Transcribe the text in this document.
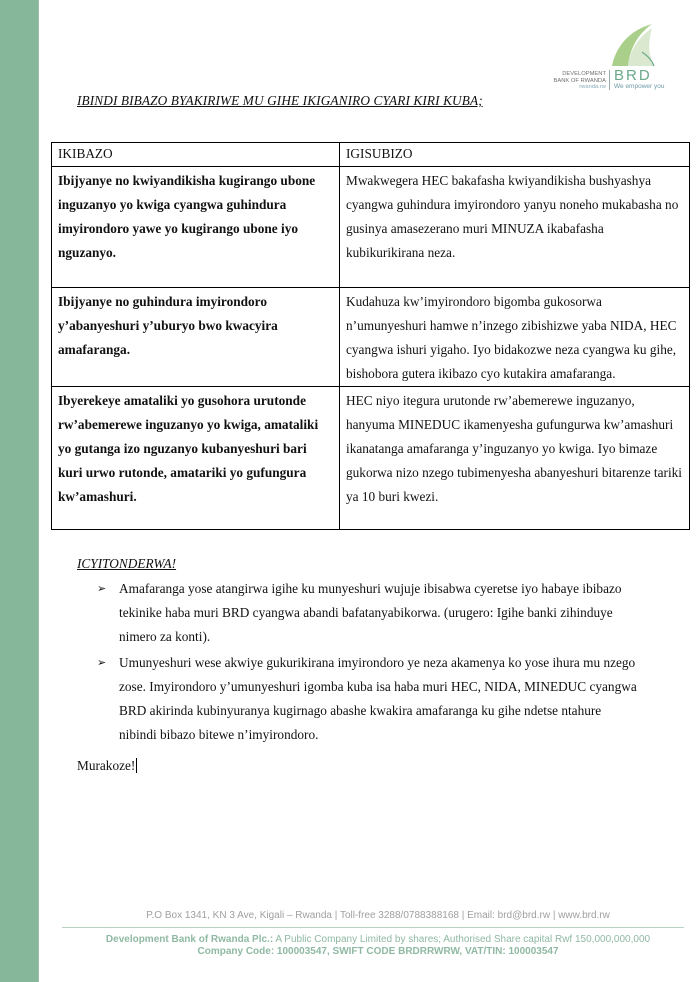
DEVELOPMENT
BANK OF RWANDA
rwanda.rw
BRD
We empower you
IBINDI BIBAZO BYAKIRIWE MU GIHE IKIGANIRO CYARI KIRI KUBA;
IKIBAZO	IGISUBIZO
Ibijyanye no kwiyandikisha kugirango ubone inguzanyo yo kwiga cyangwa guhindura imyirondoro yawe yo kugirango ubone iyo nguzanyo.	Mwakwegera HEC bakafasha kwiyandikisha bushyashya cyangwa guhindura imyirondoro yanyu noneho mukabasha no gusinya amasezerano muri MINUZA ikabafasha kubikurikirana neza.
Ibijyanye no guhindura imyirondoro y’abanyeshuri y’uburyo bwo kwacyira amafaranga.	Kudahuza kw’imyirondoro bigomba gukosorwa n’umunyeshuri hamwe n’inzego zibishizwe yaba NIDA, HEC cyangwa ishuri yigaho. Iyo bidakozwe neza cyangwa ku gihe, bishobora gutera ikibazo cyo kutakira amafaranga.
Ibyerekeye amataliki yo gusohora urutonde rw’abemerewe inguzanyo yo kwiga, amataliki yo gutanga izo nguzanyo kubanyeshuri bari kuri urwo rutonde, amatariki yo gufungura kw’amashuri.	HEC niyo itegura urutonde rw’abemerewe inguzanyo, hanyuma MINEDUC ikamenyesha gufungurwa kw’amashuri ikanatanga amafaranga y’inguzanyo yo kwiga. Iyo bimaze gukorwa nizo nzego tubimenyesha abanyeshuri bitarenze tariki ya 10 buri kwezi.
ICYITONDERWA!
➢ Amafaranga yose atangirwa igihe ku munyeshuri wujuje ibisabwa cyeretse iyo habaye ibibazo tekinike haba muri BRD cyangwa abandi bafatanyabikorwa. (urugero: Igihe banki zihinduye nimero za konti).
➢ Umunyeshuri wese akwiye gukurikirana imyirondoro ye neza akamenya ko yose ihura mu nzego zose. Imyirondoro y’umunyeshuri igomba kuba isa haba muri HEC, NIDA, MINEDUC cyangwa BRD akirinda kubinyuranya kugirnago abashe kwakira amafaranga ku gihe ndetse ntahure nibindi bibazo bitewe n’imyirondoro.
Murakoze!
P.O Box 1341, KN 3 Ave, Kigali – Rwanda | Toll-free 3288/0788388168 | Email: brd@brd.rw | www.brd.rw
Development Bank of Rwanda Plc.: A Public Company Limited by shares; Authorised Share capital Rwf 150,000,000,000
Company Code: 100003547, SWIFT CODE BRDRRWRW, VAT/TIN: 100003547
